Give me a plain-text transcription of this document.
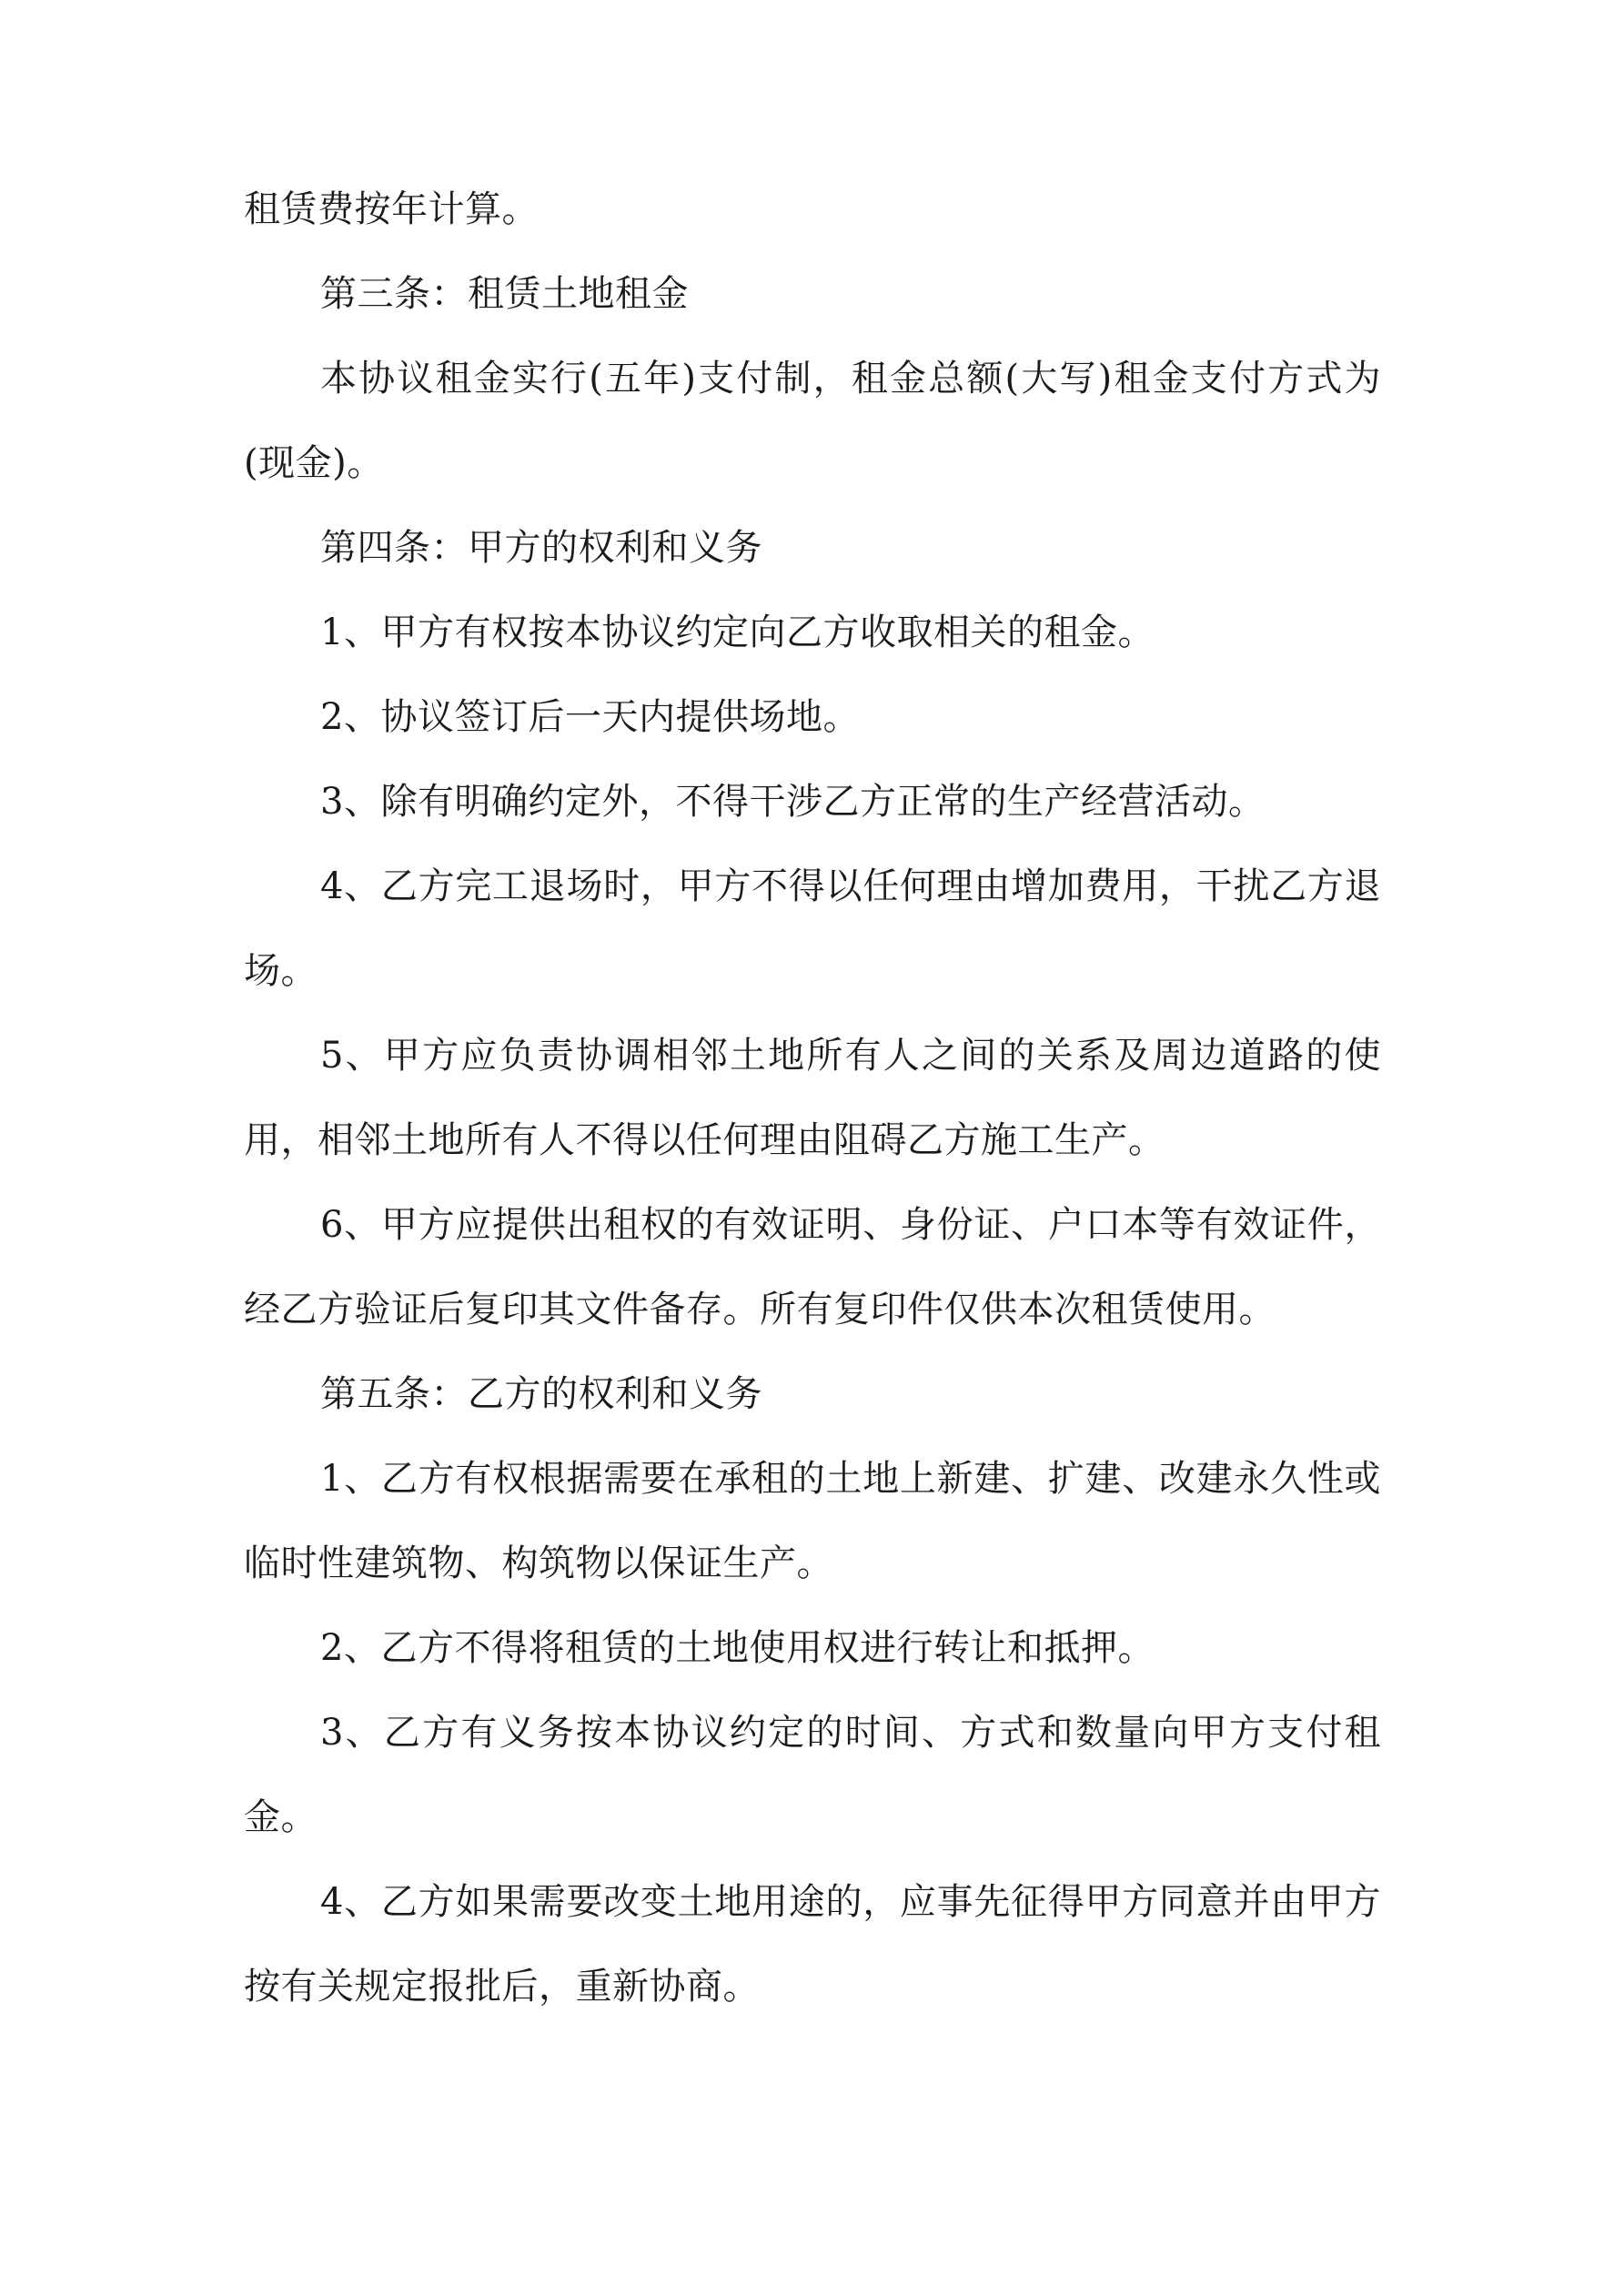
租赁费按年计算。

第三条：租赁土地租金

本协议租金实行(五年)支付制，租金总额(大写)租金支付方式为(现金)。

第四条：甲方的权利和义务

1、甲方有权按本协议约定向乙方收取相关的租金。

2、协议签订后一天内提供场地。

3、除有明确约定外，不得干涉乙方正常的生产经营活动。

4、乙方完工退场时，甲方不得以任何理由增加费用，干扰乙方退场。

5、甲方应负责协调相邻土地所有人之间的关系及周边道路的使用，相邻土地所有人不得以任何理由阻碍乙方施工生产。

6、甲方应提供出租权的有效证明、身份证、户口本等有效证件，经乙方验证后复印其文件备存。所有复印件仅供本次租赁使用。

第五条：乙方的权利和义务

1、乙方有权根据需要在承租的土地上新建、扩建、改建永久性或临时性建筑物、构筑物以保证生产。

2、乙方不得将租赁的土地使用权进行转让和抵押。

3、乙方有义务按本协议约定的时间、方式和数量向甲方支付租金。

4、乙方如果需要改变土地用途的，应事先征得甲方同意并由甲方按有关规定报批后，重新协商。
